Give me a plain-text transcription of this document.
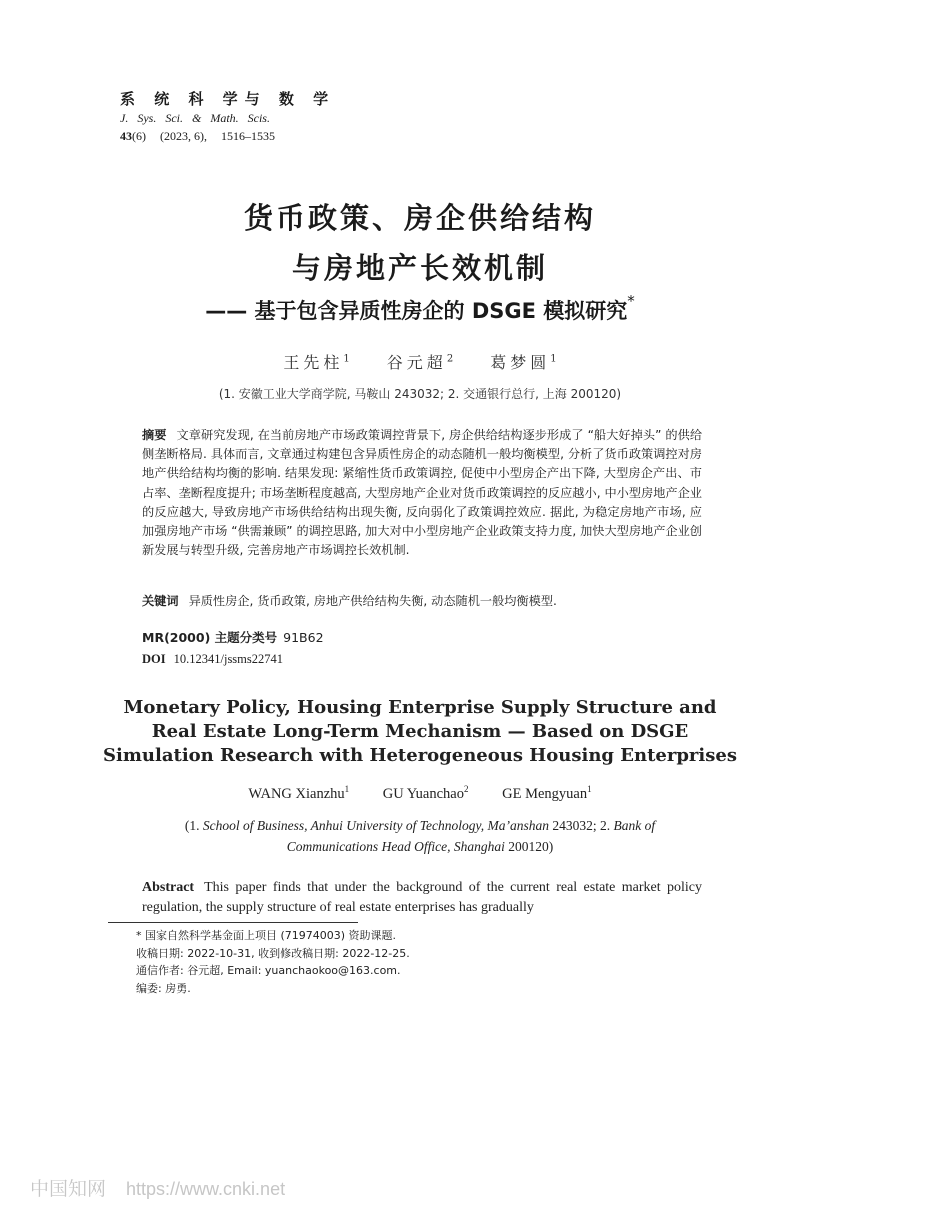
系 统 科 学与 数 学
J. Sys. Sci. & Math. Scis.
43(6) (2023, 6), 1516–1535
货币政策、房企供给结构
与房地产长效机制
—— 基于包含异质性房企的 DSGE 模拟研究*
王先柱$^1$ 谷元超$^2$ 葛梦圆$^1$
(1. 安徽工业大学商学院, 马鞍山 243032; 2. 交通银行总行, 上海 200120)
摘要 文章研究发现, 在当前房地产市场政策调控背景下, 房企供给结构逐步形成了 “船大好掉头” 的供给侧垄断格局. 具体而言, 文章通过构建包含异质性房企的动态随机一般均衡模型, 分析了货币政策调控对房地产供给结构均衡的影响. 结果发现: 紧缩性货币政策调控, 促使中小型房企产出下降, 大型房企产出、市占率、垄断程度提升; 市场垄断程度越高, 大型房地产企业对货币政策调控的反应越小, 中小型房地产企业的反应越大, 导致房地产市场供给结构出现失衡, 反向弱化了政策调控效应. 据此, 为稳定房地产市场, 应加强房地产市场 “供需兼顾” 的调控思路, 加大对中小型房地产企业政策支持力度, 加快大型房地产企业创新发展与转型升级, 完善房地产市场调控长效机制.
关键词 异质性房企, 货币政策, 房地产供给结构失衡, 动态随机一般均衡模型.
MR(2000) 主题分类号 91B62
DOI 10.12341/jssms22741
Monetary Policy, Housing Enterprise Supply Structure and Real Estate Long-Term Mechanism — Based on DSGE Simulation Research with Heterogeneous Housing Enterprises
WANG Xianzhu$^1$ GU Yuanchao$^2$ GE Mengyuan$^1$
(1. School of Business, Anhui University of Technology, Ma’anshan 243032; 2. Bank of Communications Head Office, Shanghai 200120)
Abstract This paper finds that under the background of the current real estate market policy regulation, the supply structure of real estate enterprises has gradually
* 国家自然科学基金面上项目 (71974003) 资助课题.
收稿日期: 2022-10-31, 收到修改稿日期: 2022-12-25.
通信作者: 谷元超, Email: yuanchaokoo@163.com.
编委: 房勇.
中国知网 https://www.cnki.net
